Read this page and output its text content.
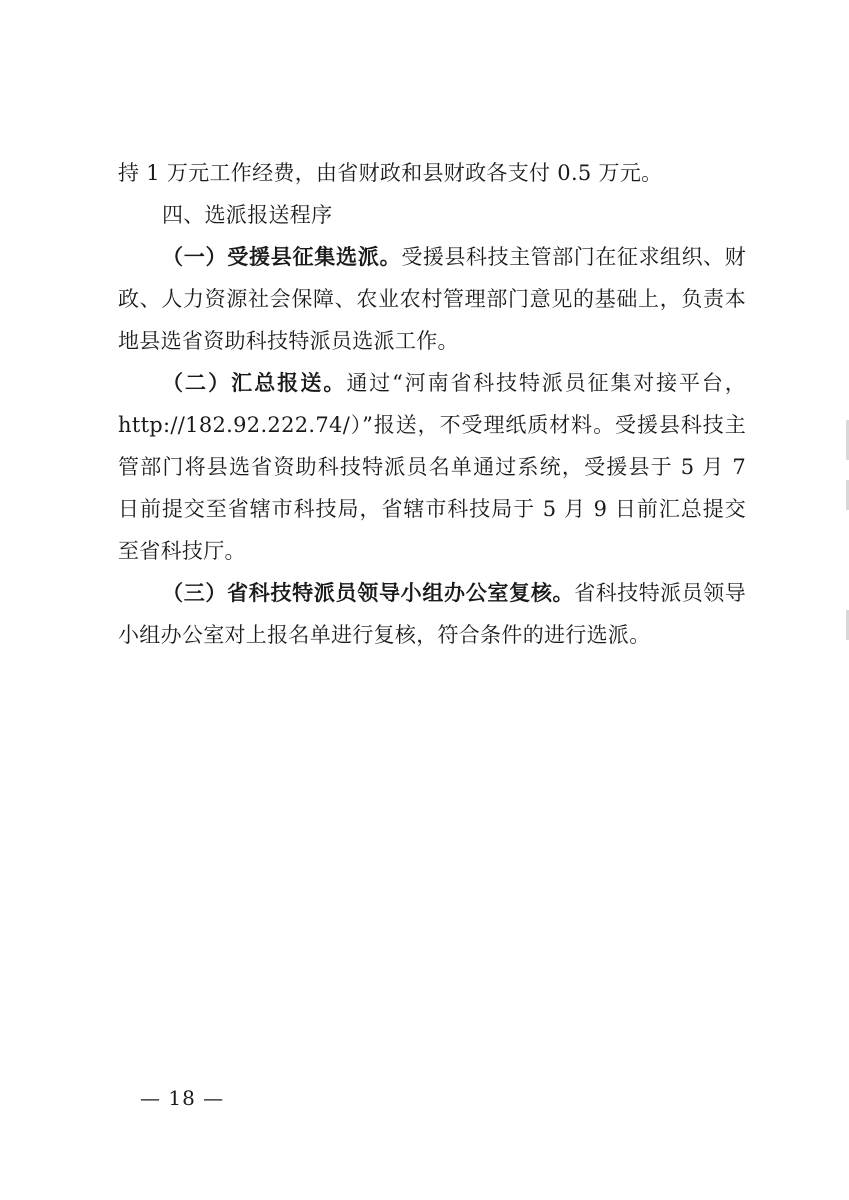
持 1 万元工作经费，由省财政和县财政各支付 0.5 万元。

四、选派报送程序

（一）受援县征集选派。受援县科技主管部门在征求组织、财政、人力资源社会保障、农业农村管理部门意见的基础上，负责本地县选省资助科技特派员选派工作。

（二）汇总报送。通过“河南省科技特派员征集对接平台，http://182.92.222.74/）”报送，不受理纸质材料。受援县科技主管部门将县选省资助科技特派员名单通过系统，受援县于 5 月 7 日前提交至省辖市科技局，省辖市科技局于 5 月 9 日前汇总提交至省科技厅。

（三）省科技特派员领导小组办公室复核。省科技特派员领导小组办公室对上报名单进行复核，符合条件的进行选派。

— 18 —
